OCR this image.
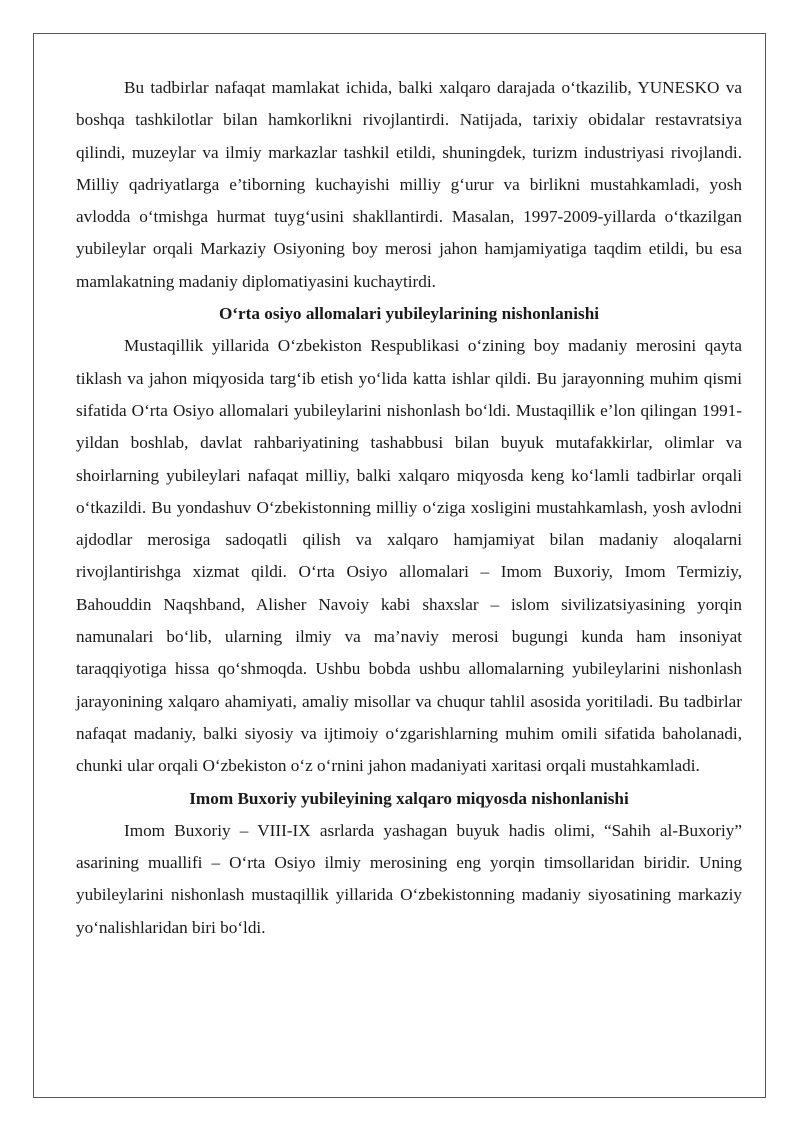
Bu tadbirlar nafaqat mamlakat ichida, balki xalqaro darajada o‘tkazilib, YUNESKO va boshqa tashkilotlar bilan hamkorlikni rivojlantirdi. Natijada, tarixiy obidalar restavratsiya qilindi, muzeylar va ilmiy markazlar tashkil etildi, shuningdek, turizm industriyasi rivojlandi. Milliy qadriyatlarga e’tiborning kuchayishi milliy g‘urur va birlikni mustahkamladi, yosh avlodda o‘tmishga hurmat tuyg‘usini shakllantirdi. Masalan, 1997-2009-yillarda o‘tkazilgan yubileylar orqali Markaziy Osiyoning boy merosi jahon hamjamiyatiga taqdim etildi, bu esa mamlakatning madaniy diplomatiyasini kuchaytirdi.

O‘rta osiyo allomalari yubileylarining nishonlanishi

Mustaqillik yillarida O‘zbekiston Respublikasi o‘zining boy madaniy merosini qayta tiklash va jahon miqyosida targ‘ib etish yo‘lida katta ishlar qildi. Bu jarayonning muhim qismi sifatida O‘rta Osiyo allomalari yubileylarini nishonlash bo‘ldi. Mustaqillik e’lon qilingan 1991-yildan boshlab, davlat rahbariyatining tashabbusi bilan buyuk mutafakkirlar, olimlar va shoirlarning yubileylari nafaqat milliy, balki xalqaro miqyosda keng ko‘lamli tadbirlar orqali o‘tkazildi. Bu yondashuv O‘zbekistonning milliy o‘ziga xosligini mustahkamlash, yosh avlodni ajdodlar merosiga sadoqatli qilish va xalqaro hamjamiyat bilan madaniy aloqalarni rivojlantirishga xizmat qildi. O‘rta Osiyo allomalari – Imom Buxoriy, Imom Termiziy, Bahouddin Naqshband, Alisher Navoiy kabi shaxslar – islom sivilizatsiyasining yorqin namunalari bo‘lib, ularning ilmiy va ma’naviy merosi bugungi kunda ham insoniyat taraqqiyotiga hissa qo‘shmoqda. Ushbu bobda ushbu allomalarning yubileylarini nishonlash jarayonining xalqaro ahamiyati, amaliy misollar va chuqur tahlil asosida yoritiladi. Bu tadbirlar nafaqat madaniy, balki siyosiy va ijtimoiy o‘zgarishlarning muhim omili sifatida baholanadi, chunki ular orqali O‘zbekiston o‘z o‘rnini jahon madaniyati xaritasi orqali mustahkamladi.

Imom Buxoriy yubileyining xalqaro miqyosda nishonlanishi

Imom Buxoriy – VIII-IX asrlarda yashagan buyuk hadis olimi, “Sahih al-Buxoriy” asarining muallifi – O‘rta Osiyo ilmiy merosining eng yorqin timsollaridan biridir. Uning yubileylarini nishonlash mustaqillik yillarida O‘zbekistonning madaniy siyosatining markaziy yo‘nalishlaridan biri bo‘ldi.
